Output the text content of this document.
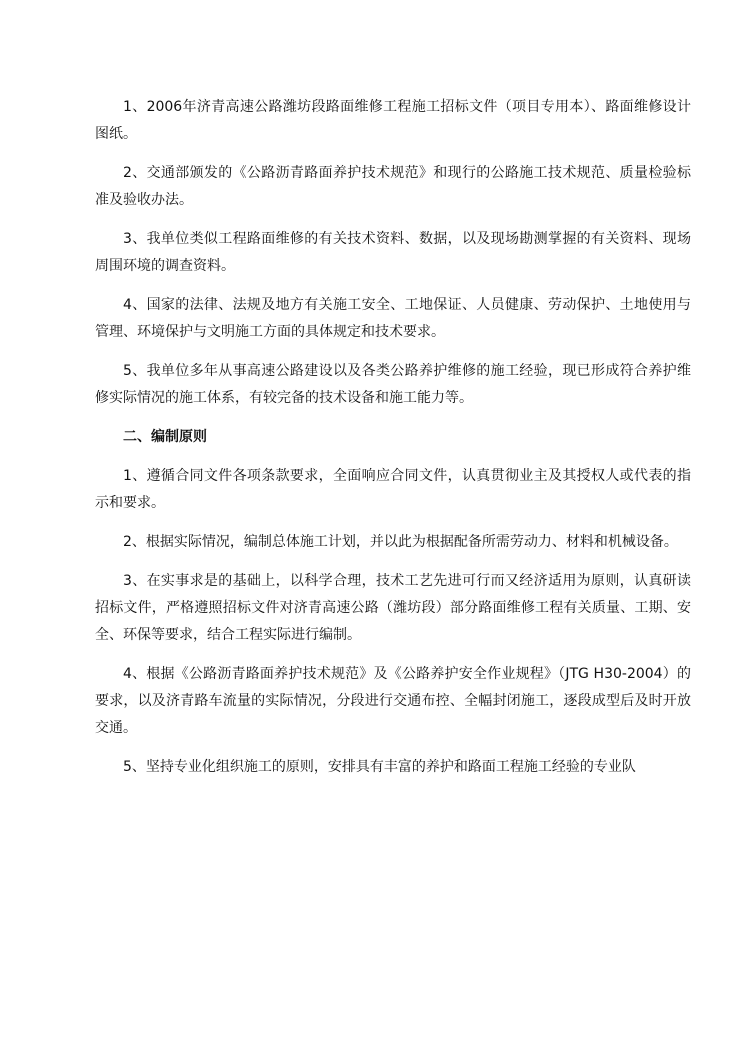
1、2006年济青高速公路潍坊段路面维修工程施工招标文件（项目专用本）、路面维修设计图纸。

2、交通部颁发的《公路沥青路面养护技术规范》和现行的公路施工技术规范、质量检验标准及验收办法。

3、我单位类似工程路面维修的有关技术资料、数据，以及现场勘测掌握的有关资料、现场周围环境的调查资料。

4、国家的法律、法规及地方有关施工安全、工地保证、人员健康、劳动保护、土地使用与管理、环境保护与文明施工方面的具体规定和技术要求。

5、我单位多年从事高速公路建设以及各类公路养护维修的施工经验，现已形成符合养护维修实际情况的施工体系，有较完备的技术设备和施工能力等。

二、编制原则

1、遵循合同文件各项条款要求，全面响应合同文件，认真贯彻业主及其授权人或代表的指示和要求。

2、根据实际情况，编制总体施工计划，并以此为根据配备所需劳动力、材料和机械设备。

3、在实事求是的基础上，以科学合理，技术工艺先进可行而又经济适用为原则，认真研读招标文件，严格遵照招标文件对济青高速公路（潍坊段）部分路面维修工程有关质量、工期、安全、环保等要求，结合工程实际进行编制。

4、根据《公路沥青路面养护技术规范》及《公路养护安全作业规程》（JTG H30-2004）的要求，以及济青路车流量的实际情况，分段进行交通布控、全幅封闭施工，逐段成型后及时开放交通。

5、坚持专业化组织施工的原则，安排具有丰富的养护和路面工程施工经验的专业队
